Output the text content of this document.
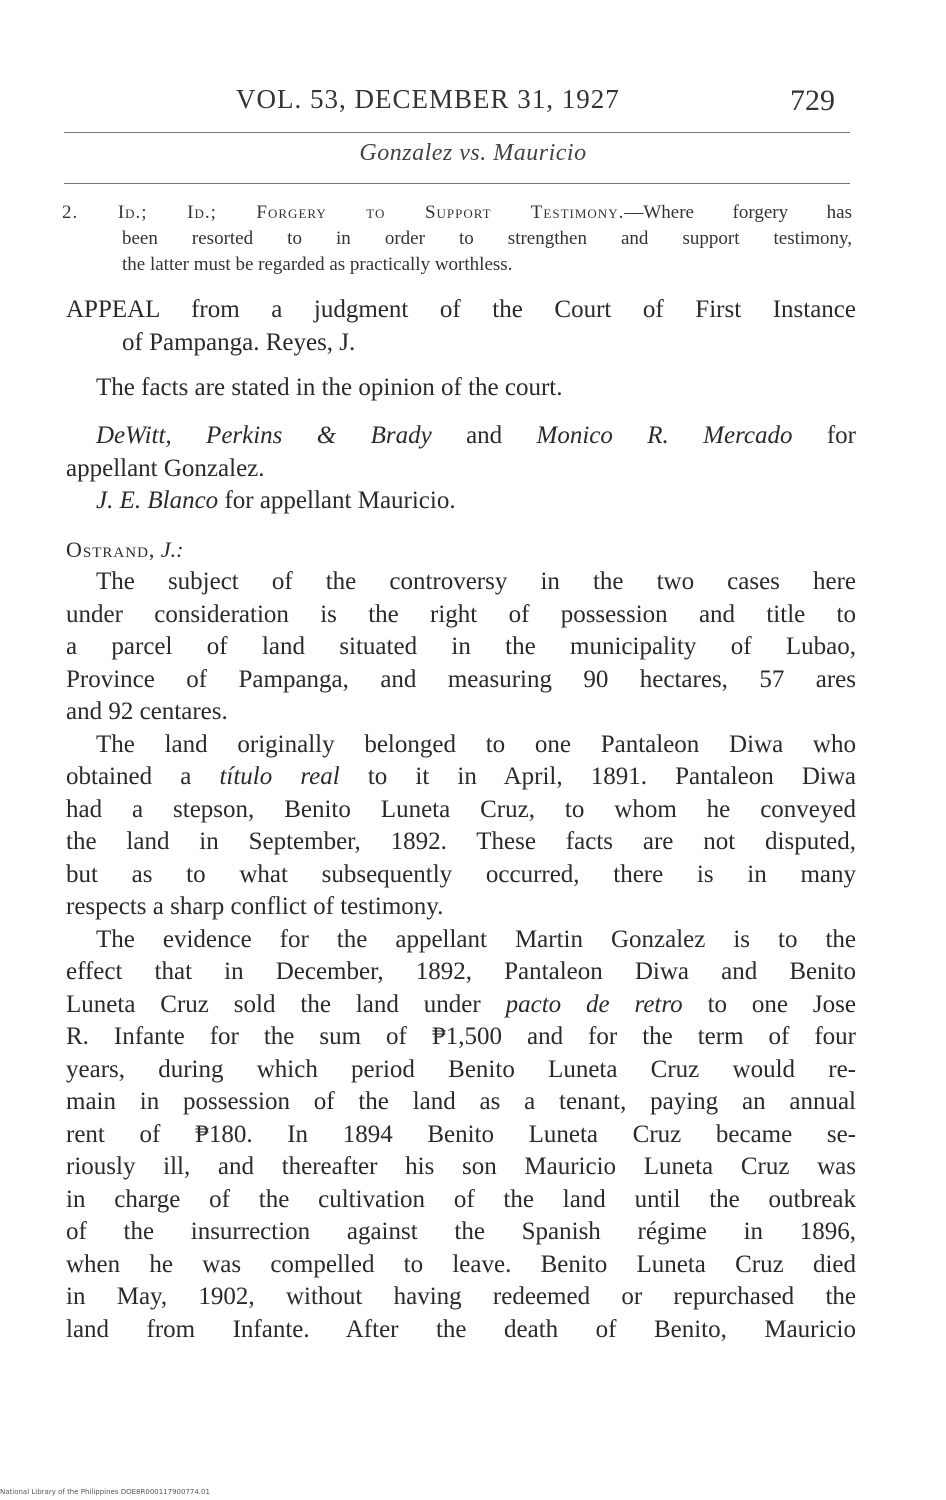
VOL. 53, DECEMBER 31, 1927	729
Gonzalez vs. Mauricio
2. Id.; Id.; Forgery to Support Testimony.—Where forgery has
been resorted to in order to strengthen and support testimony,
the latter must be regarded as practically worthless.
APPEAL from a judgment of the Court of First Instance
of Pampanga. Reyes, J.
The facts are stated in the opinion of the court.
DeWitt, Perkins & Brady and Monico R. Mercado for
appellant Gonzalez.
J. E. Blanco for appellant Mauricio.
Ostrand, J.:
The subject of the controversy in the two cases here
under consideration is the right of possession and title to
a parcel of land situated in the municipality of Lubao,
Province of Pampanga, and measuring 90 hectares, 57 ares
and 92 centares.
The land originally belonged to one Pantaleon Diwa who
obtained a título real to it in April, 1891. Pantaleon Diwa
had a stepson, Benito Luneta Cruz, to whom he conveyed
the land in September, 1892. These facts are not disputed,
but as to what subsequently occurred, there is in many
respects a sharp conflict of testimony.
The evidence for the appellant Martin Gonzalez is to the
effect that in December, 1892, Pantaleon Diwa and Benito
Luneta Cruz sold the land under pacto de retro to one Jose
R. Infante for the sum of ₱1,500 and for the term of four
years, during which period Benito Luneta Cruz would re-
main in possession of the land as a tenant, paying an annual
rent of ₱180. In 1894 Benito Luneta Cruz became se-
riously ill, and thereafter his son Mauricio Luneta Cruz was
in charge of the cultivation of the land until the outbreak
of the insurrection against the Spanish régime in 1896,
when he was compelled to leave. Benito Luneta Cruz died
in May, 1902, without having redeemed or repurchased the
land from Infante. After the death of Benito, Mauricio
National Library of the Philippines DOE8R000117900774.01
